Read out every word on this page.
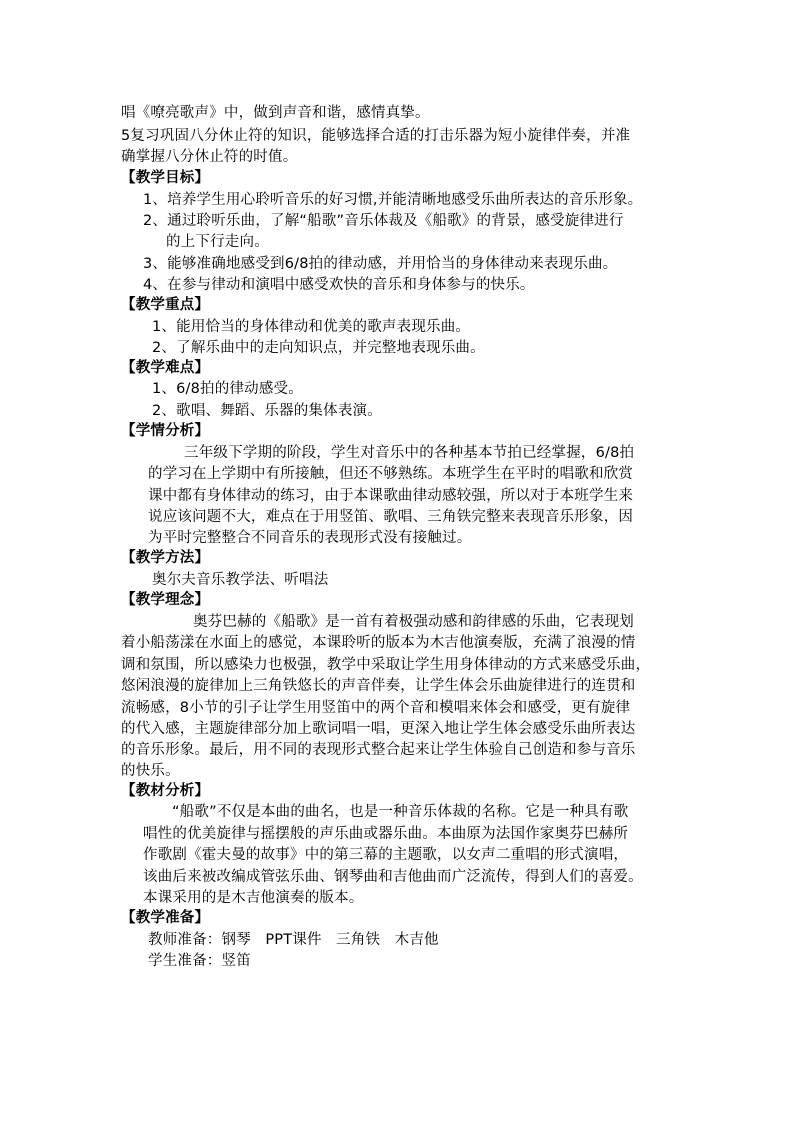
唱《嘹亮歌声》中，做到声音和谐，感情真挚。
5复习巩固八分休止符的知识，能够选择合适的打击乐器为短小旋律伴奏，并准
确掌握八分休止符的时值。
【教学目标】
1、培养学生用心聆听音乐的好习惯,并能清晰地感受乐曲所表达的音乐形象。
2、通过聆听乐曲，了解“船歌”音乐体裁及《船歌》的背景，感受旋律进行
的上下行走向。
3、能够准确地感受到6/8拍的律动感，并用恰当的身体律动来表现乐曲。
4、在参与律动和演唱中感受欢快的音乐和身体参与的快乐。
【教学重点】
1、能用恰当的身体律动和优美的歌声表现乐曲。
2、了解乐曲中的走向知识点，并完整地表现乐曲。
【教学难点】
1、6/8拍的律动感受。
2、歌唱、舞蹈、乐器的集体表演。
【学情分析】
三年级下学期的阶段，学生对音乐中的各种基本节拍已经掌握，6/8拍
的学习在上学期中有所接触，但还不够熟练。本班学生在平时的唱歌和欣赏
课中都有身体律动的练习，由于本课歌曲律动感较强，所以对于本班学生来
说应该问题不大，难点在于用竖笛、歌唱、三角铁完整来表现音乐形象，因
为平时完整整合不同音乐的表现形式没有接触过。
【教学方法】
奥尔夫音乐教学法、听唱法
【教学理念】
奥芬巴赫的《船歌》是一首有着极强动感和韵律感的乐曲，它表现划
着小船荡漾在水面上的感觉，本课聆听的版本为木吉他演奏版，充满了浪漫的情
调和氛围，所以感染力也极强，教学中采取让学生用身体律动的方式来感受乐曲，
悠闲浪漫的旋律加上三角铁悠长的声音伴奏，让学生体会乐曲旋律进行的连贯和
流畅感，8小节的引子让学生用竖笛中的两个音和模唱来体会和感受，更有旋律
的代入感，主题旋律部分加上歌词唱一唱，更深入地让学生体会感受乐曲所表达
的音乐形象。最后，用不同的表现形式整合起来让学生体验自己创造和参与音乐
的快乐。
【教材分析】
“船歌”不仅是本曲的曲名，也是一种音乐体裁的名称。它是一种具有歌
唱性的优美旋律与摇摆般的声乐曲或器乐曲。本曲原为法国作家奥芬巴赫所
作歌剧《霍夫曼的故事》中的第三幕的主题歌，以女声二重唱的形式演唱，
该曲后来被改编成管弦乐曲、钢琴曲和吉他曲而广泛流传，得到人们的喜爱。
本课采用的是木吉他演奏的版本。
【教学准备】
教师准备：钢琴   PPT课件   三角铁   木吉他
学生准备：竖笛
